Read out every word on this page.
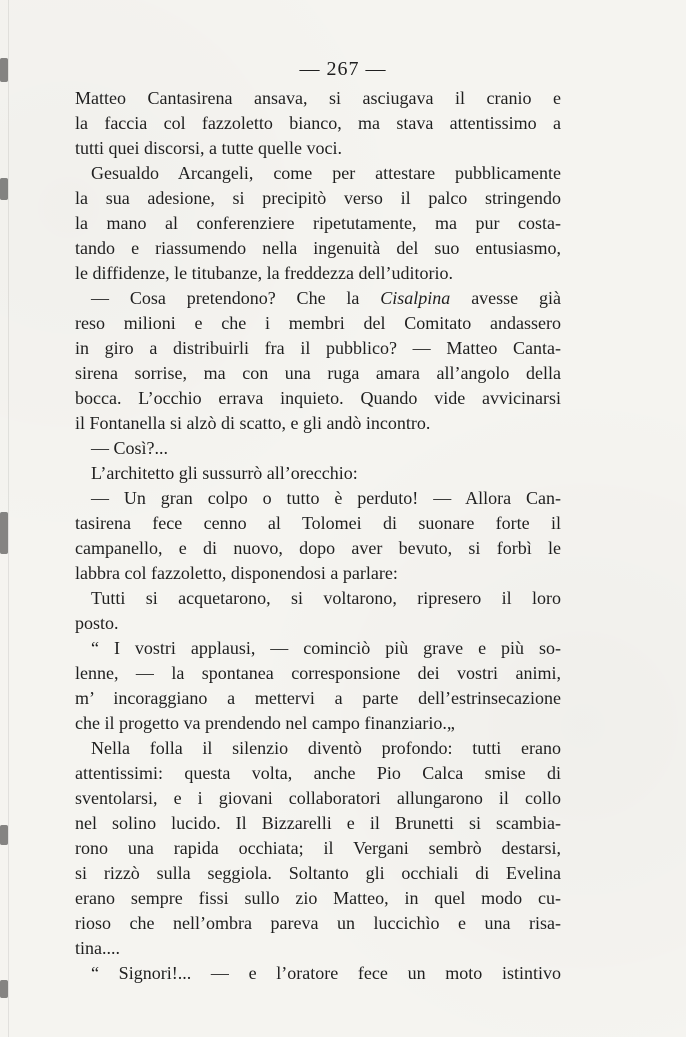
— 267 —
Matteo Cantasirena ansava, si asciugava il cranio e
la faccia col fazzoletto bianco, ma stava attentissimo a
tutti quei discorsi, a tutte quelle voci.
Gesualdo Arcangeli, come per attestare pubblicamente
la sua adesione, si precipitò verso il palco stringendo
la mano al conferenziere ripetutamente, ma pur costa-
tando e riassumendo nella ingenuità del suo entusiasmo,
le diffidenze, le titubanze, la freddezza dell’uditorio.
— Cosa pretendono? Che la Cisalpina avesse già
reso milioni e che i membri del Comitato andassero
in giro a distribuirli fra il pubblico? — Matteo Canta-
sirena sorrise, ma con una ruga amara all’angolo della
bocca. L’occhio errava inquieto. Quando vide avvicinarsi
il Fontanella si alzò di scatto, e gli andò incontro.
— Così?...
L’architetto gli sussurrò all’orecchio:
— Un gran colpo o tutto è perduto! — Allora Can-
tasirena fece cenno al Tolomei di suonare forte il
campanello, e di nuovo, dopo aver bevuto, si forbì le
labbra col fazzoletto, disponendosi a parlare:
Tutti si acquetarono, si voltarono, ripresero il loro
posto.
“ I vostri applausi, — cominciò più grave e più so-
lenne, — la spontanea corresponsione dei vostri animi,
m’ incoraggiano a mettervi a parte dell’estrinsecazione
che il progetto va prendendo nel campo finanziario.„
Nella folla il silenzio diventò profondo: tutti erano
attentissimi: questa volta, anche Pio Calca smise di
sventolarsi, e i giovani collaboratori allungarono il collo
nel solino lucido. Il Bizzarelli e il Brunetti si scambia-
rono una rapida occhiata; il Vergani sembrò destarsi,
si rizzò sulla seggiola. Soltanto gli occhiali di Evelina
erano sempre fissi sullo zio Matteo, in quel modo cu-
rioso che nell’ombra pareva un luccichìo e una risa-
tina....
“ Signori!... — e l’oratore fece un moto istintivo
